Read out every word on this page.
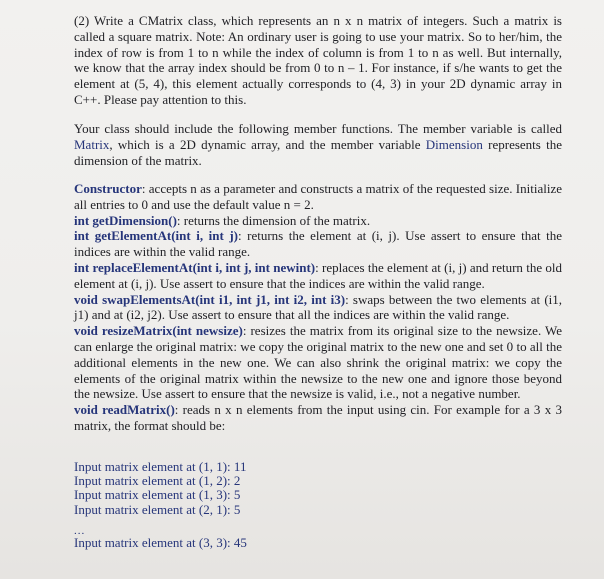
(2) Write a CMatrix class, which represents an n x n matrix of integers. Such a matrix is called a square matrix. Note: An ordinary user is going to use your matrix. So to her/him, the index of row is from 1 to n while the index of column is from 1 to n as well. But internally, we know that the array index should be from 0 to n – 1. For instance, if s/he wants to get the element at (5, 4), this element actually corresponds to (4, 3) in your 2D dynamic array in C++. Please pay attention to this.

Your class should include the following member functions. The member variable is called Matrix, which is a 2D dynamic array, and the member variable Dimension represents the dimension of the matrix.

Constructor: accepts n as a parameter and constructs a matrix of the requested size. Initialize all entries to 0 and use the default value n = 2.

int getDimension(): returns the dimension of the matrix.

int getElementAt(int i, int j): returns the element at (i, j). Use assert to ensure that the indices are within the valid range.

int replaceElementAt(int i, int j, int newint): replaces the element at (i, j) and return the old element at (i, j). Use assert to ensure that the indices are within the valid range.

void swapElementsAt(int i1, int j1, int i2, int i3): swaps between the two elements at (i1, j1) and at (i2, j2). Use assert to ensure that all the indices are within the valid range.

void resizeMatrix(int newsize): resizes the matrix from its original size to the newsize. We can enlarge the original matrix: we copy the original matrix to the new one and set 0 to all the additional elements in the new one. We can also shrink the original matrix: we copy the elements of the original matrix within the newsize to the new one and ignore those beyond the newsize. Use assert to ensure that the newsize is valid, i.e., not a negative number.

void readMatrix(): reads n x n elements from the input using cin. For example for a 3 x 3 matrix, the format should be:

Input matrix element at (1, 1): 11

Input matrix element at (1, 2): 2

Input matrix element at (1, 3): 5

Input matrix element at (2, 1): 5

...

Input matrix element at (3, 3): 45
